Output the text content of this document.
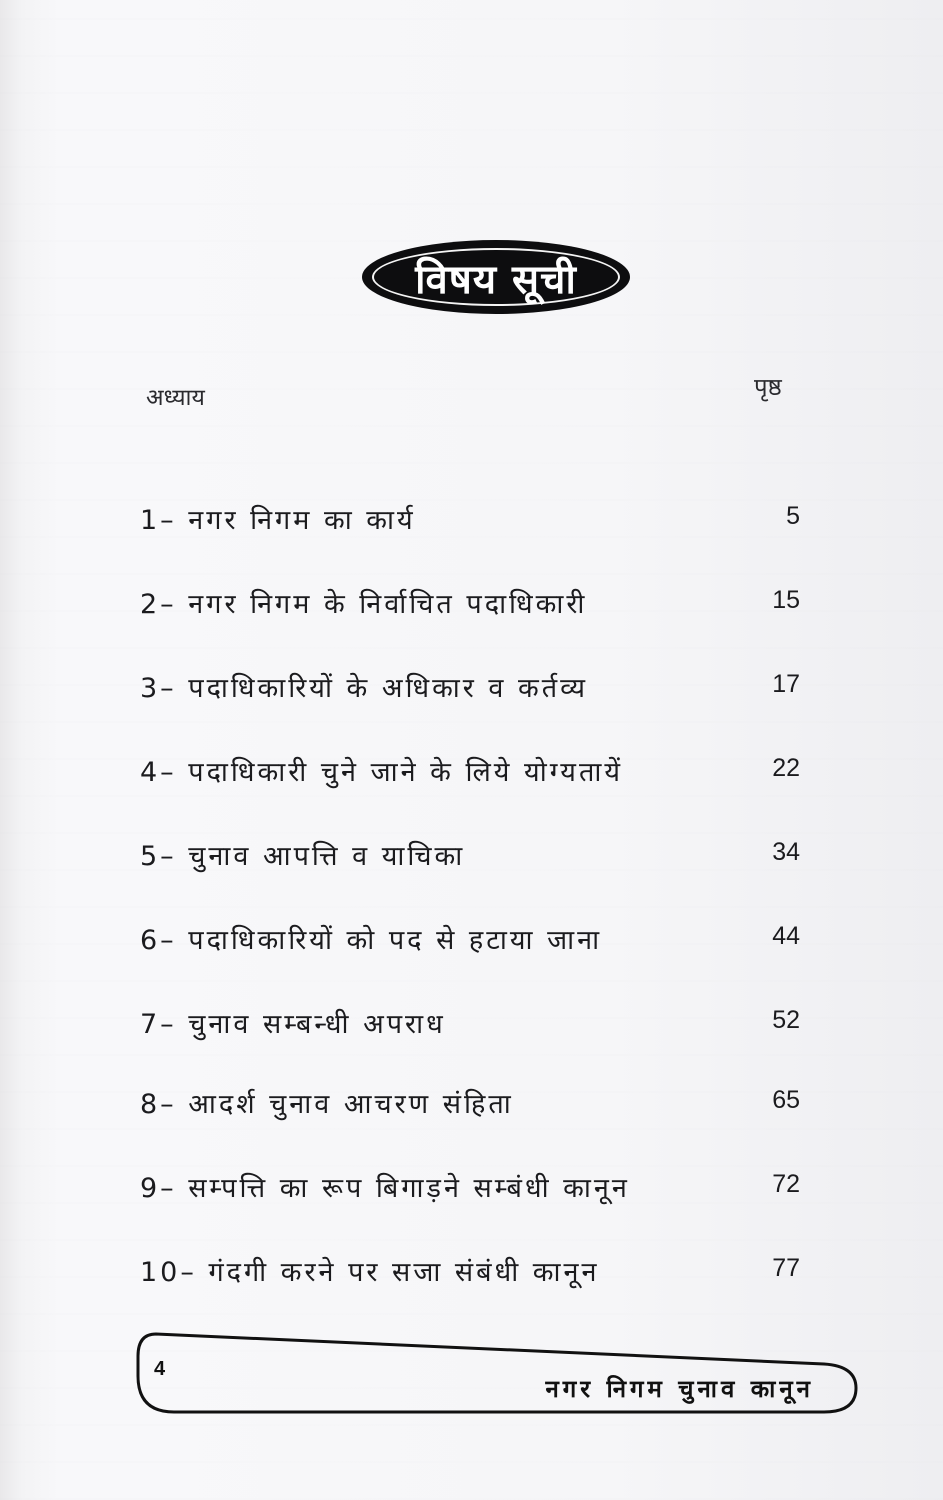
विषय सूची
अध्याय	पृष्ठ
1– नगर निगम का कार्य	5
2– नगर निगम के निर्वाचित पदाधिकारी	15
3– पदाधिकारियों के अधिकार व कर्तव्य	17
4– पदाधिकारी चुने जाने के लिये योग्यतायें	22
5– चुनाव आपत्ति व याचिका	34
6– पदाधिकारियों को पद से हटाया जाना	44
7– चुनाव सम्बन्धी अपराध	52
8– आदर्श चुनाव आचरण संहिता	65
9– सम्पत्ति का रूप बिगाड़ने सम्बंधी कानून	72
10– गंदगी करने पर सजा संबंधी कानून	77
4
नगर निगम चुनाव कानून
